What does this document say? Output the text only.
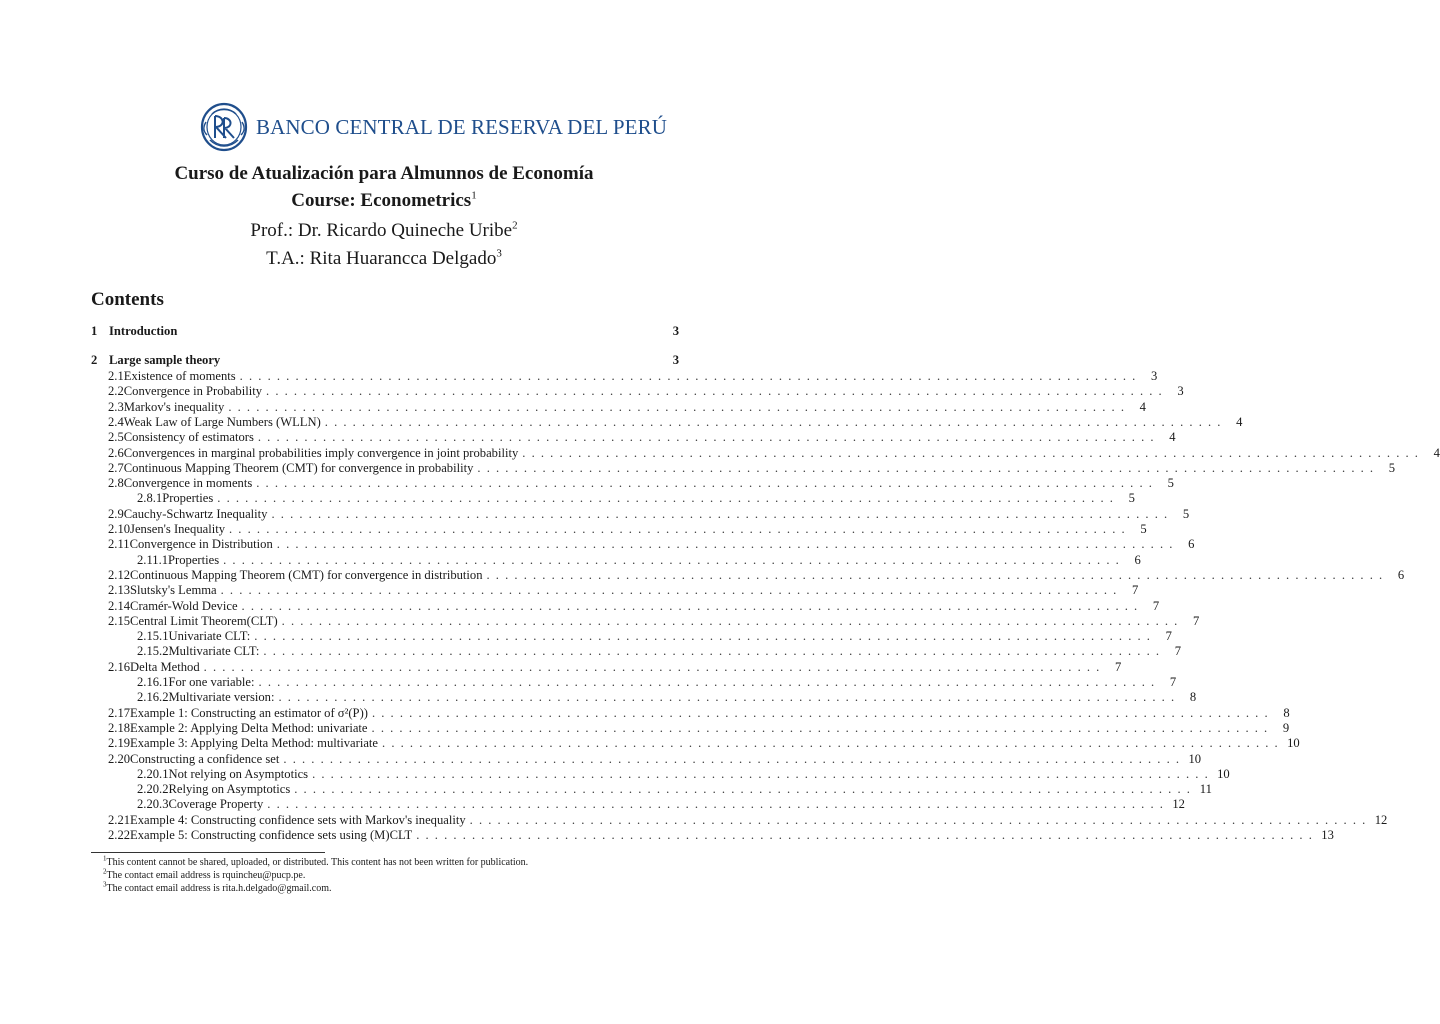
BANCO CENTRAL DE RESERVA DEL PERÚ
Curso de Atualización para Almunnos de Economía
Course: Econometrics$^1$
Prof.: Dr. Ricardo Quineche Uribe$^2$
T.A.: Rita Huarancca Delgado$^3$
Contents
1 Introduction	3
2 Large sample theory	3
2.1 Existence of moments . . .	3
2.2 Convergence in Probability . . .	3
2.3 Markov's inequality . . .	4
2.4 Weak Law of Large Numbers (WLLN) . . .	4
2.5 Consistency of estimators . . .	4
2.6 Convergences in marginal probabilities imply convergence in joint probability . . .	4
2.7 Continuous Mapping Theorem (CMT) for convergence in probability . . .	5
2.8 Convergence in moments . . .	5
2.8.1 Properties . . .	5
2.9 Cauchy-Schwartz Inequality . . .	5
2.10 Jensen's Inequality . . .	5
2.11 Convergence in Distribution . . .	6
2.11.1 Properties . . .	6
2.12 Continuous Mapping Theorem (CMT) for convergence in distribution . . .	6
2.13 Slutsky's Lemma . . .	7
2.14 Cramér-Wold Device . . .	7
2.15 Central Limit Theorem(CLT) . . .	7
2.15.1 Univariate CLT: . . .	7
2.15.2 Multivariate CLT: . . .	7
2.16 Delta Method . . .	7
2.16.1 For one variable: . . .	7
2.16.2 Multivariate version: . . .	8
2.17 Example 1: Constructing an estimator of σ²(P)) . . .	8
2.18 Example 2: Applying Delta Method: univariate . . .	9
2.19 Example 3: Applying Delta Method: multivariate . . .	10
2.20 Constructing a confidence set . . .	10
2.20.1 Not relying on Asymptotics . . .	10
2.20.2 Relying on Asymptotics . . .	11
2.20.3 Coverage Property . . .	12
2.21 Example 4: Constructing confidence sets with Markov's inequality . . .	12
2.22 Example 5: Constructing confidence sets using (M)CLT . . .	13
$^1$This content cannot be shared, uploaded, or distributed. This content has not been written for publication.
$^2$The contact email address is rquincheu@pucp.pe.
$^3$The contact email address is rita.h.delgado@gmail.com.
